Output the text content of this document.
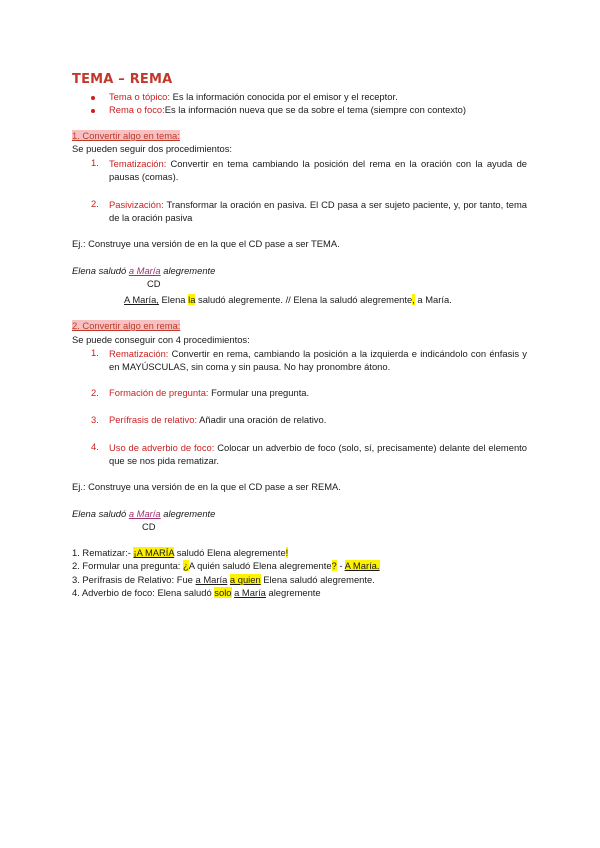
TEMA – REMA
Tema o tópico: Es la información conocida por el emisor y el receptor.
Rema o foco:Es la información nueva que se da sobre el tema (siempre con contexto)
1. Convertir algo en tema:
Se pueden seguir dos procedimientos:
1. Tematización: Convertir en tema cambiando la posición del rema en la oración con la ayuda de pausas (comas).
2. Pasivización: Transformar la oración en pasiva. El CD pasa a ser sujeto paciente, y, por tanto, tema de la oración pasiva
Ej.: Construye una versión de en la que el CD pase a ser TEMA.
Elena saludó a María alegremente
CD
A María, Elena la saludó alegremente. // Elena la saludó alegremente, a María.
2. Convertir algo en rema:
Se puede conseguir con 4 procedimientos:
1. Rematización: Convertir en rema, cambiando la posición a la izquierda e indicándolo con énfasis y en MAYÚSCULAS, sin coma y sin pausa. No hay pronombre átono.
2. Formación de pregunta: Formular una pregunta.
3. Perífrasis de relativo: Añadir una oración de relativo.
4. Uso de adverbio de foco: Colocar un adverbio de foco (solo, sí, precisamente) delante del elemento que se nos pida rematizar.
Ej.: Construye una versión de en la que el CD pase a ser REMA.
Elena saludó a María alegremente
CD
1. Rematizar:- ¡A MARÍA saludó Elena alegremente!
2. Formular una pregunta: ¿A quién saludó Elena alegremente? - A María.
3. Perífrasis de Relativo: Fue a María a quien Elena saludó alegremente.
4. Adverbio de foco: Elena saludó solo a María alegremente
